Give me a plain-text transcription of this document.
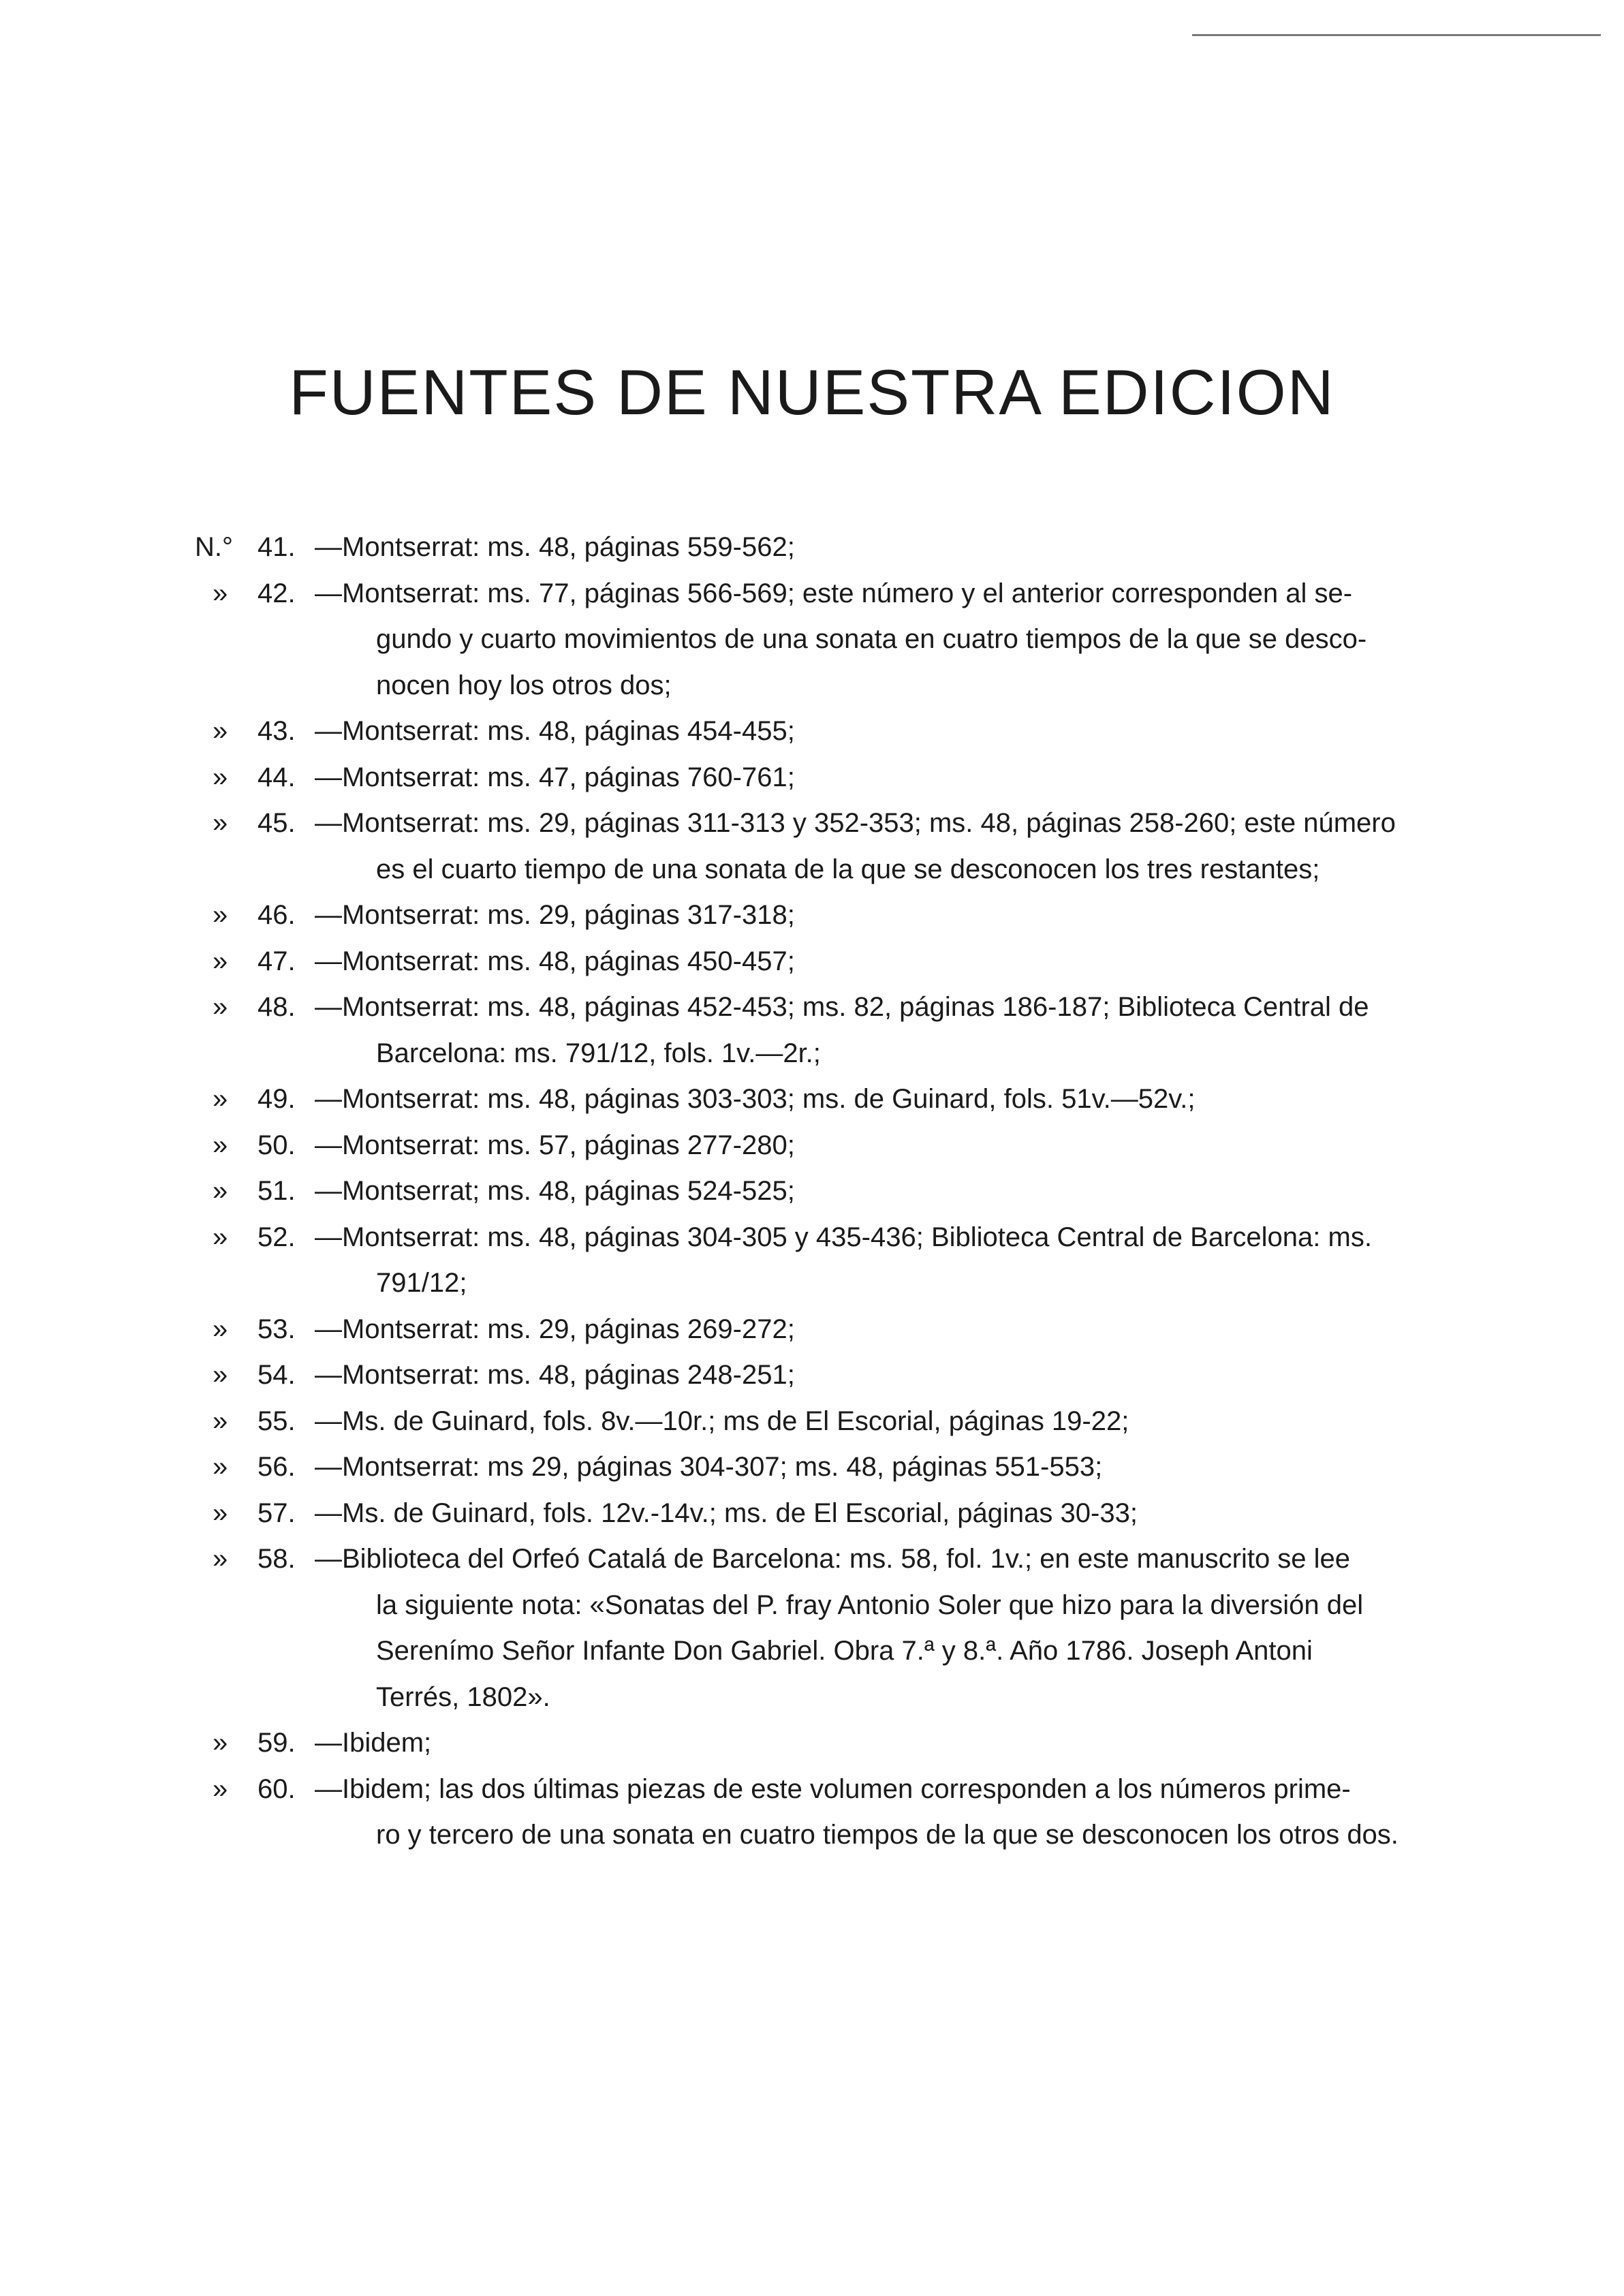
FUENTES DE NUESTRA EDICION
N.° 41. —Montserrat: ms. 48, páginas 559-562;
»	42. —Montserrat: ms. 77, páginas 566-569; este número y el anterior corresponden al se-
gundo y cuarto movimientos de una sonata en cuatro tiempos de la que se desco-
nocen hoy los otros dos;
»	43. —Montserrat: ms. 48, páginas 454-455;
»	44. —Montserrat: ms. 47, páginas 760-761;
»	45. —Montserrat: ms. 29, páginas 311-313 y 352-353; ms. 48, páginas 258-260; este número
es el cuarto tiempo de una sonata de la que se desconocen los tres restantes;
»	46. —Montserrat: ms. 29, páginas 317-318;
»	47. —Montserrat: ms. 48, páginas 450-457;
»	48. —Montserrat: ms. 48, páginas 452-453; ms. 82, páginas 186-187; Biblioteca Central de
Barcelona: ms. 791/12, fols. 1v.—2r.;
»	49. —Montserrat: ms. 48, páginas 303-303; ms. de Guinard, fols. 51v.—52v.;
»	50. —Montserrat: ms. 57, páginas 277-280;
»	51. —Montserrat; ms. 48, páginas 524-525;
»	52. —Montserrat: ms. 48, páginas 304-305 y 435-436; Biblioteca Central de Barcelona: ms.
791/12;
»	53. —Montserrat: ms. 29, páginas 269-272;
»	54. —Montserrat: ms. 48, páginas 248-251;
»	55. —Ms. de Guinard, fols. 8v.—10r.; ms de El Escorial, páginas 19-22;
»	56. —Montserrat: ms 29, páginas 304-307; ms. 48, páginas 551-553;
»	57. —Ms. de Guinard, fols. 12v.-14v.; ms. de El Escorial, páginas 30-33;
»	58. —Biblioteca del Orfeó Catalá de Barcelona: ms. 58, fol. 1v.; en este manuscrito se lee
la siguiente nota: «Sonatas del P. fray Antonio Soler que hizo para la diversión del
Serenímo Señor Infante Don Gabriel. Obra 7.ª y 8.ª. Año 1786. Joseph Antoni
Terrés, 1802».
»	59. —Ibidem;
»	60. —Ibidem; las dos últimas piezas de este volumen corresponden a los números prime-
ro y tercero de una sonata en cuatro tiempos de la que se desconocen los otros dos.
